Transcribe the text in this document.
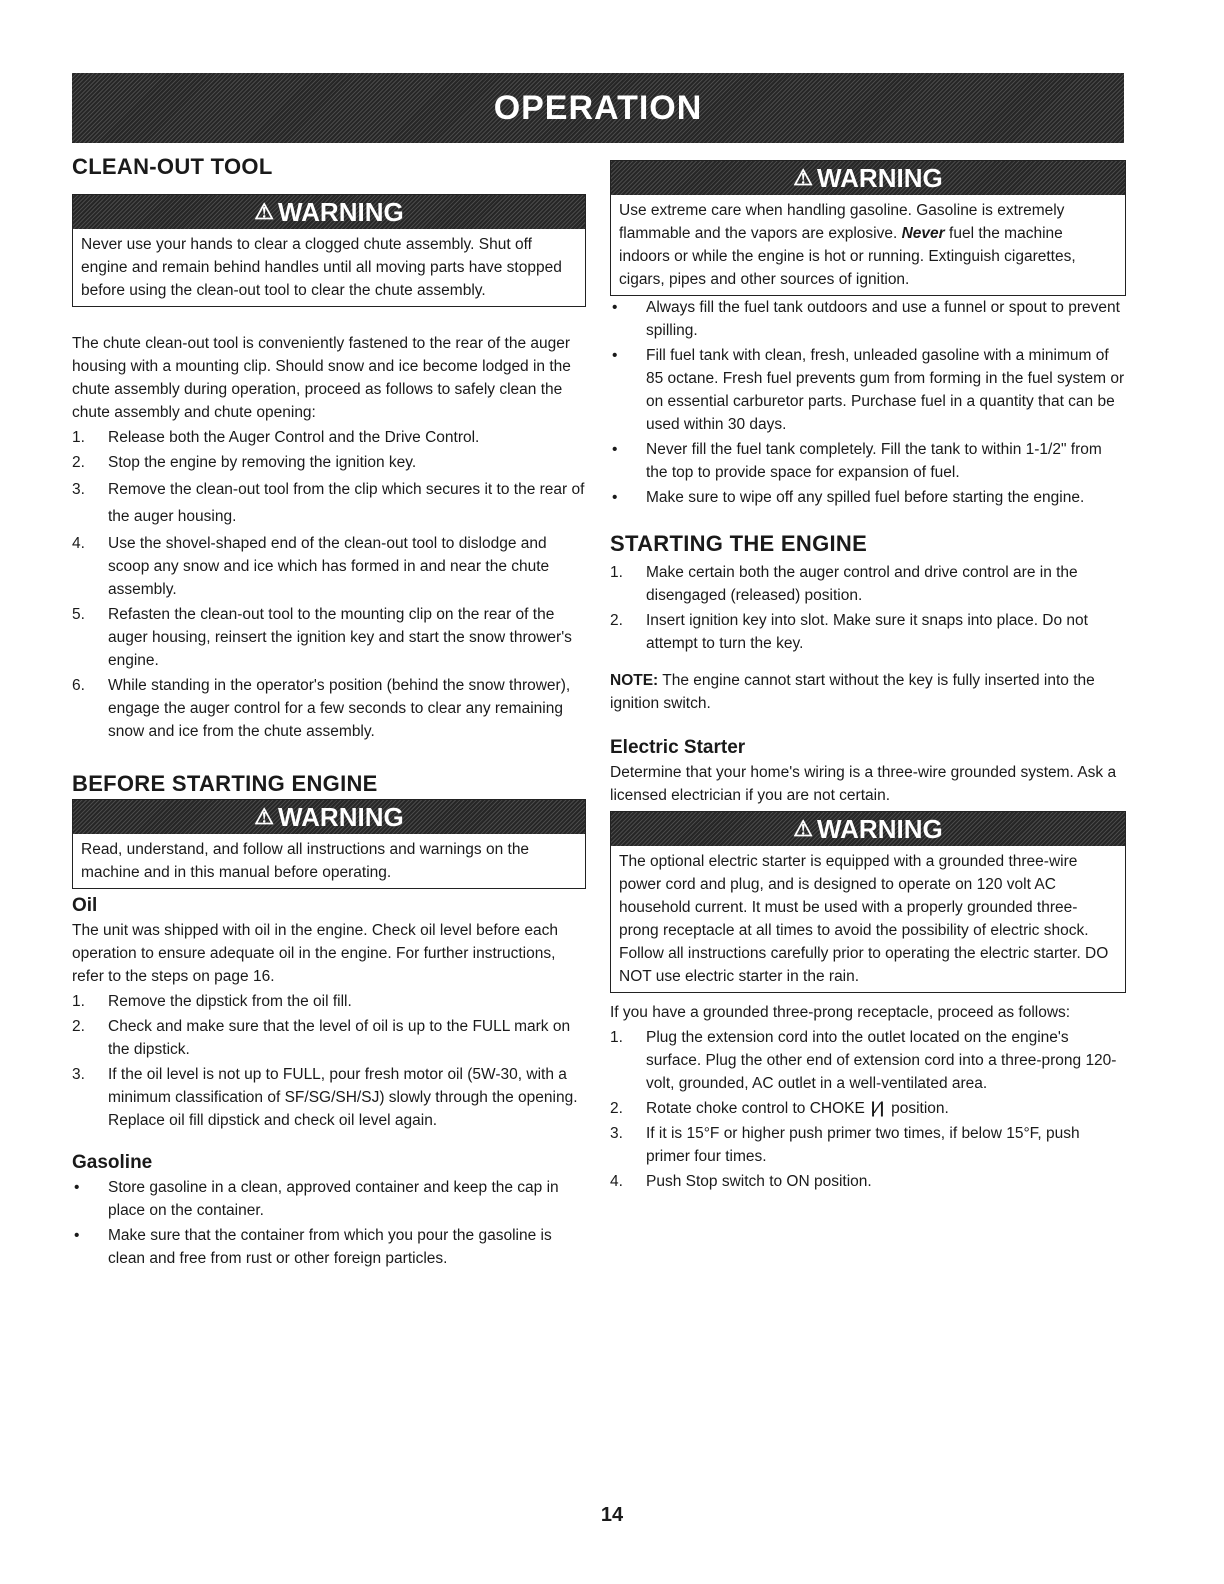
OPERATION
CLEAN-OUT TOOL
⚠ WARNING
Never use your hands to clear a clogged chute assembly. Shut off engine and remain behind handles until all moving parts have stopped before using the clean-out tool to clear the chute assembly.

The chute clean-out tool is conveniently fastened to the rear of the auger housing with a mounting clip. Should snow and ice become lodged in the chute assembly during operation, proceed as follows to safely clean the chute assembly and chute opening:

1.	Release both the Auger Control and the Drive Control.
2.	Stop the engine by removing the ignition key.
3.	Remove the clean-out tool from the clip which secures it to the rear of the auger housing.
4.	Use the shovel-shaped end of the clean-out tool to dislodge and scoop any snow and ice which has formed in and near the chute assembly.
5.	Refasten the clean-out tool to the mounting clip on the rear of the auger housing, reinsert the ignition key and start the snow thrower's engine.
6.	While standing in the operator's position (behind the snow thrower), engage the auger control for a few seconds to clear any remaining snow and ice from the chute assembly.
BEFORE STARTING ENGINE
⚠ WARNING
Read, understand, and follow all instructions and warnings on the machine and in this manual before operating.
Oil

The unit was shipped with oil in the engine. Check oil level before each operation to ensure adequate oil in the engine. For further instructions, refer to the steps on page 16.

1.	Remove the dipstick from the oil fill.
2.	Check and make sure that the level of oil is up to the FULL mark on the dipstick.
3.	If the oil level is not up to FULL, pour fresh motor oil (5W-30, with a minimum classification of SF/SG/SH/SJ) slowly through the opening. Replace oil fill dipstick and check oil level again.
Gasoline
•	Store gasoline in a clean, approved container and keep the cap in place on the container.
•	Make sure that the container from which you pour the gasoline is clean and free from rust or other foreign particles.
⚠ WARNING
Use extreme care when handling gasoline. Gasoline is extremely flammable and the vapors are explosive. Never fuel the machine indoors or while the engine is hot or running. Extinguish cigarettes, cigars, pipes and other sources of ignition.
•	Always fill the fuel tank outdoors and use a funnel or spout to prevent spilling.
•	Fill fuel tank with clean, fresh, unleaded gasoline with a minimum of 85 octane. Fresh fuel prevents gum from forming in the fuel system or on essential carburetor parts. Purchase fuel in a quantity that can be used within 30 days.
•	Never fill the fuel tank completely. Fill the tank to within 1-1/2" from the top to provide space for expansion of fuel.
•	Make sure to wipe off any spilled fuel before starting the engine.
STARTING THE ENGINE
1.	Make certain both the auger control and drive control are in the disengaged (released) position.
2.	Insert ignition key into slot. Make sure it snaps into place. Do not attempt to turn the key.

NOTE: The engine cannot start without the key is fully inserted into the ignition switch.

Electric Starter

Determine that your home's wiring is a three-wire grounded system. Ask a licensed electrician if you are not certain.

⚠ WARNING
The optional electric starter is equipped with a grounded three-wire power cord and plug, and is designed to operate on 120 volt AC household current. It must be used with a properly grounded three-prong receptacle at all times to avoid the possibility of electric shock. Follow all instructions carefully prior to operating the electric starter. DO NOT use electric starter in the rain.

If you have a grounded three-prong receptacle, proceed as follows:

1.	Plug the extension cord into the outlet located on the engine's surface. Plug the other end of extension cord into a three-prong 120-volt, grounded, AC outlet in a well-ventilated area.
2.	Rotate choke control to CHOKE |∕| position.
3.	If it is 15°F or higher push primer two times, if below 15°F, push primer four times.
4.	Push Stop switch to ON position.
14
